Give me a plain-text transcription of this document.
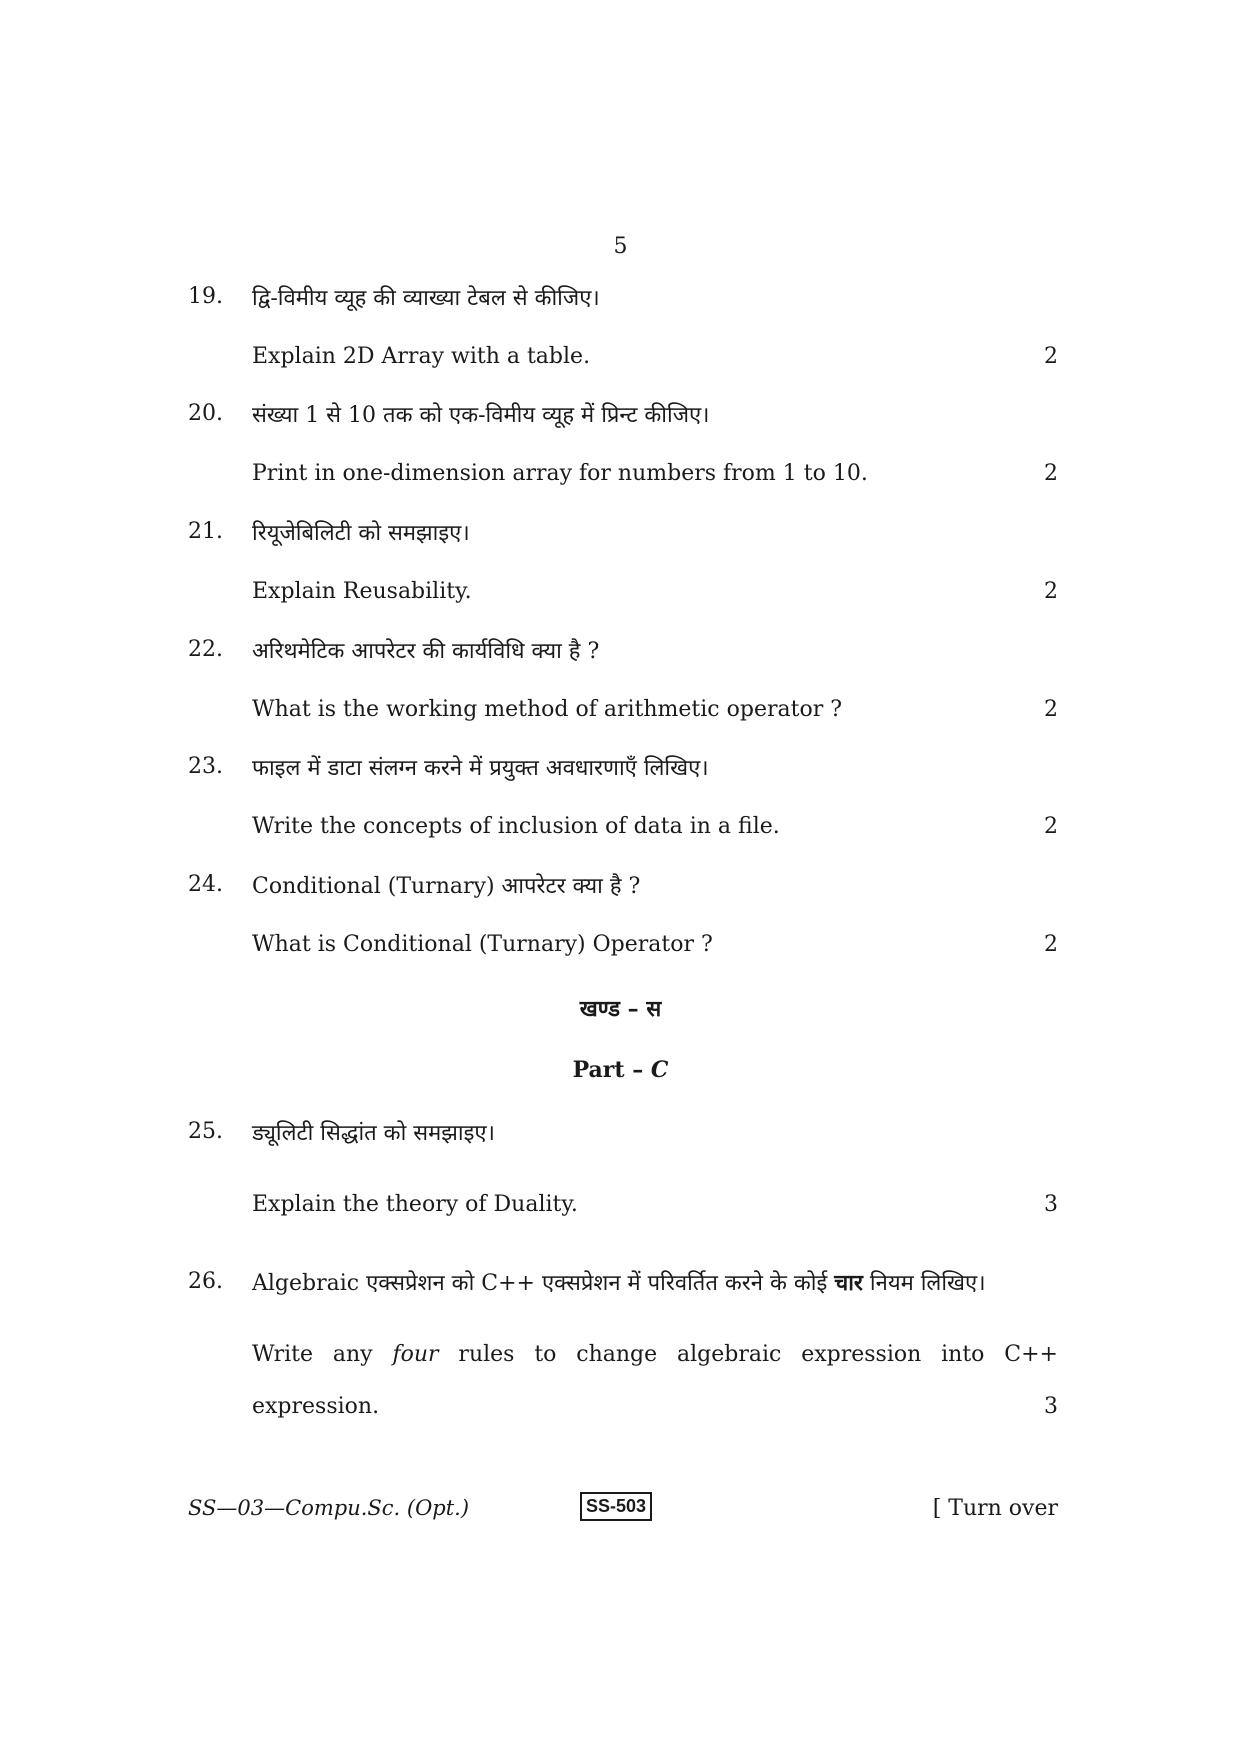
5
19.	द्वि-विमीय व्यूह की व्याख्या टेबल से कीजिए।
Explain 2D Array with a table.	2
20.	संख्या 1 से 10 तक को एक-विमीय व्यूह में प्रिन्ट कीजिए।
Print in one-dimension array for numbers from 1 to 10.	2
21.	रियूजेबिलिटी को समझाइए।
Explain Reusability.	2
22.	अरिथमेटिक आपरेटर की कार्यविधि क्या है ?
What is the working method of arithmetic operator ?	2
23.	फाइल में डाटा संलग्न करने में प्रयुक्त अवधारणाएँ लिखिए।
Write the concepts of inclusion of data in a file.	2
24.	Conditional (Turnary) आपरेटर क्या है ?
What is Conditional (Turnary) Operator ?	2
खण्ड – स
Part – C
25.	ड्यूलिटी सिद्धांत को समझाइए।
Explain the theory of Duality.	3
26.	Algebraic एक्सप्रेशन को C++ एक्सप्रेशन में परिवर्तित करने के कोई चार नियम लिखिए।
Write any four rules to change algebraic expression into C++
expression.	3
SS—03—Compu.Sc. (Opt.)	SS-503	[ Turn over
